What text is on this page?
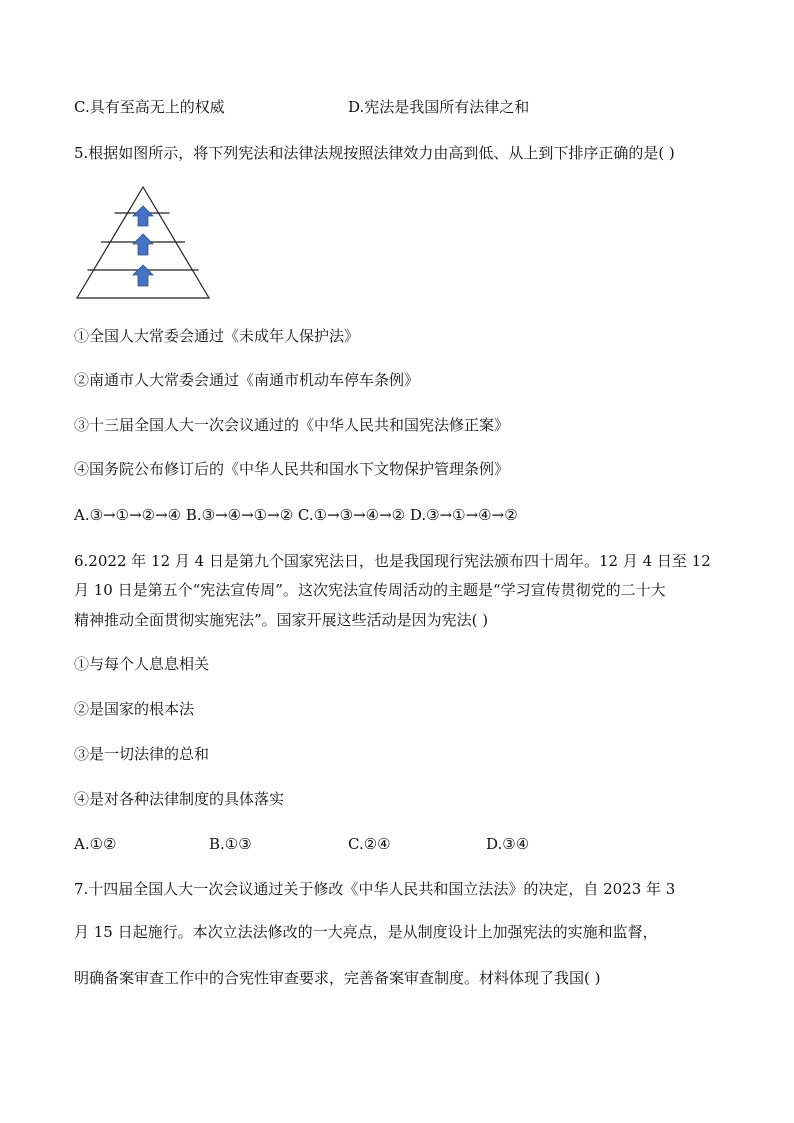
C.具有至高无上的权威	D.宪法是我国所有法律之和
5.根据如图所示，将下列宪法和法律法规按照法律效力由高到低、从上到下排序正确的是( )
①全国人大常委会通过《未成年人保护法》
②南通市人大常委会通过《南通市机动车停车条例》
③十三届全国人大一次会议通过的《中华人民共和国宪法修正案》
④国务院公布修订后的《中华人民共和国水下文物保护管理条例》
A.③→①→②→④ B.③→④→①→② C.①→③→④→② D.③→①→④→②
6.2022 年 12 月 4 日是第九个国家宪法日，也是我国现行宪法颁布四十周年。12 月 4 日至 12
月 10 日是第五个“宪法宣传周”。这次宪法宣传周活动的主题是“学习宣传贯彻党的二十大
精神推动全面贯彻实施宪法”。国家开展这些活动是因为宪法( )
①与每个人息息相关
②是国家的根本法
③是一切法律的总和
④是对各种法律制度的具体落实
A.①②	B.①③	C.②④	D.③④
7.十四届全国人大一次会议通过关于修改《中华人民共和国立法法》的决定，自 2023 年 3
月 15 日起施行。本次立法法修改的一大亮点，是从制度设计上加强宪法的实施和监督，
明确备案审查工作中的合宪性审查要求，完善备案审查制度。材料体现了我国( )
